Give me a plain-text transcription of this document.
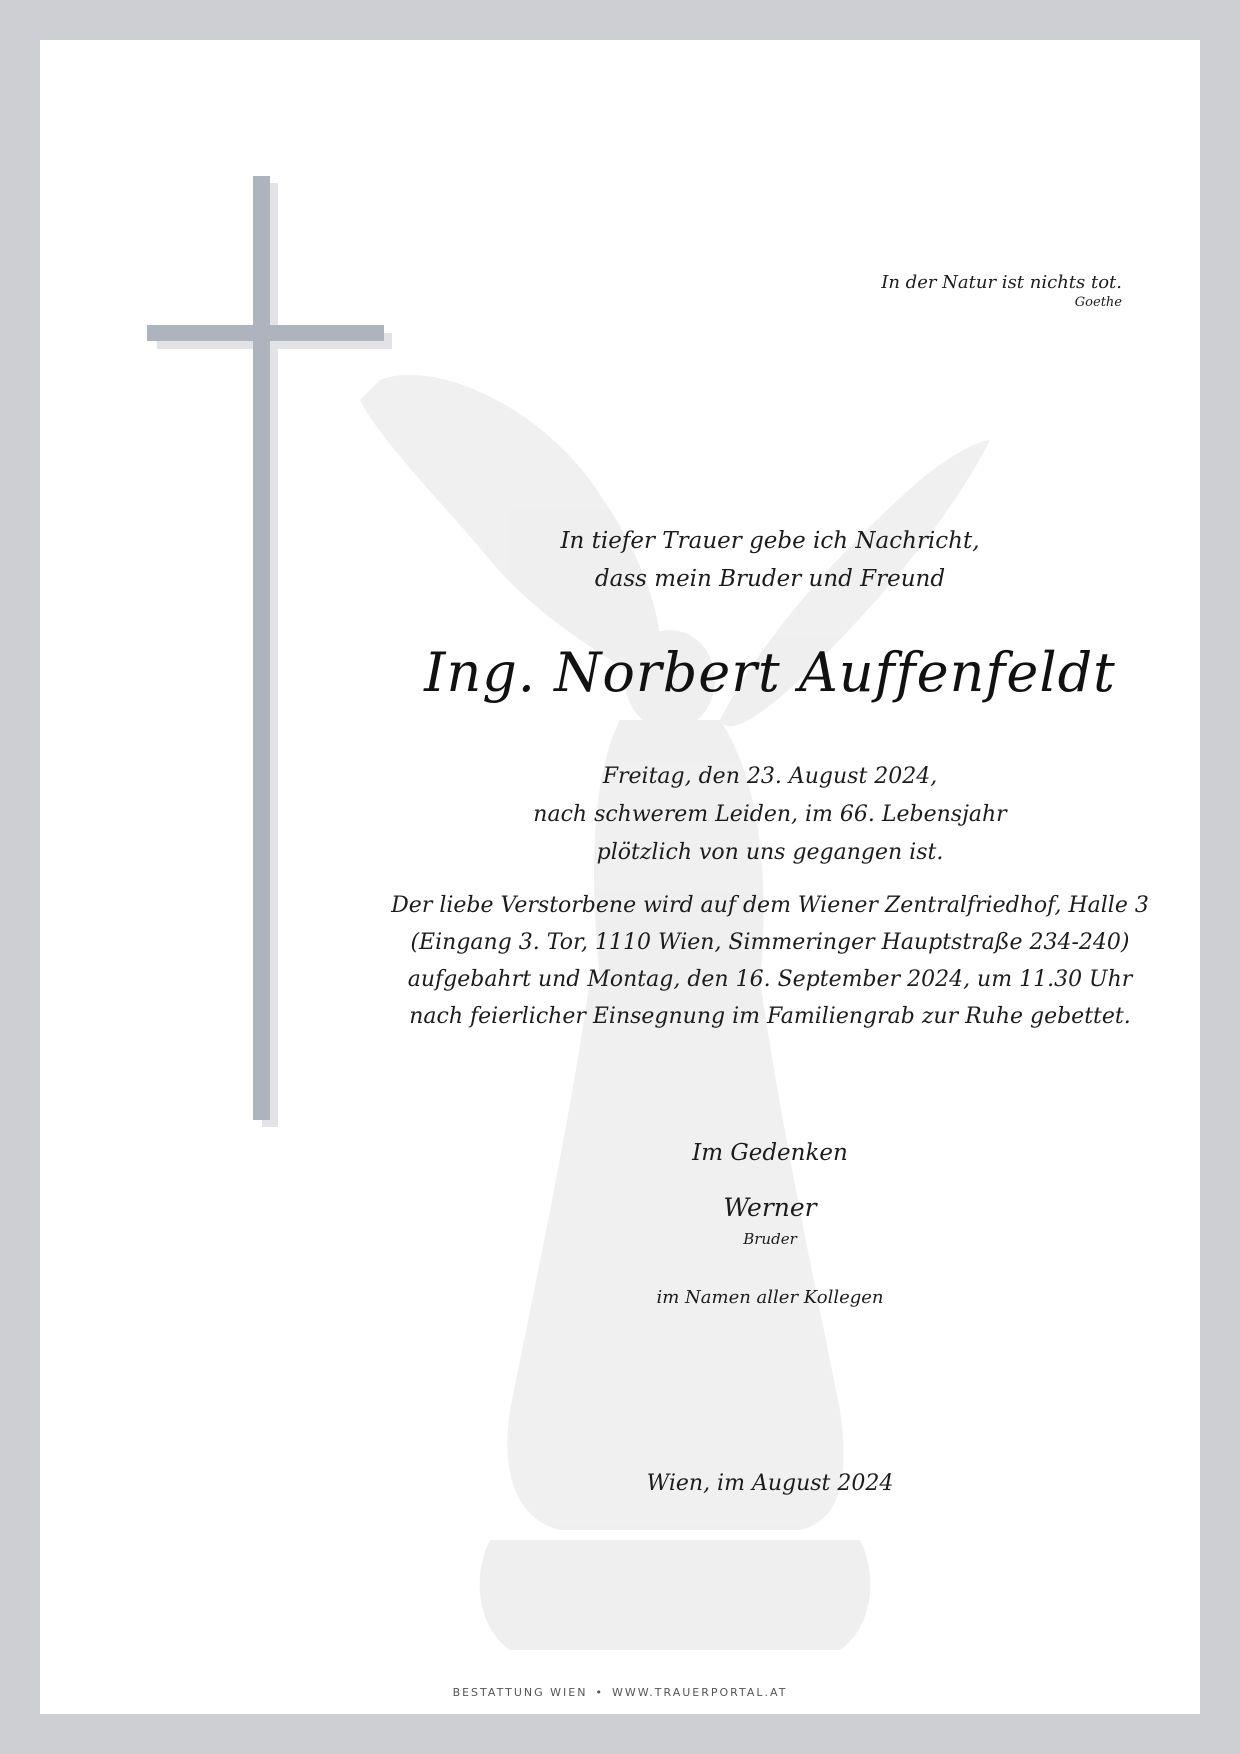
In der Natur ist nichts tot.
Goethe
In tiefer Trauer gebe ich Nachricht,
dass mein Bruder und Freund
Ing. Norbert Auffenfeldt
Freitag, den 23. August 2024,
nach schwerem Leiden, im 66. Lebensjahr
plötzlich von uns gegangen ist.
Der liebe Verstorbene wird auf dem Wiener Zentralfriedhof, Halle 3
(Eingang 3. Tor, 1110 Wien, Simmeringer Hauptstraße 234-240)
aufgebahrt und Montag, den 16. September 2024, um 11.30 Uhr
nach feierlicher Einsegnung im Familiengrab zur Ruhe gebettet.
Im Gedenken
Werner
Bruder
im Namen aller Kollegen
Wien, im August 2024
BESTATTUNG WIEN • WWW.TRAUERPORTAL.AT
